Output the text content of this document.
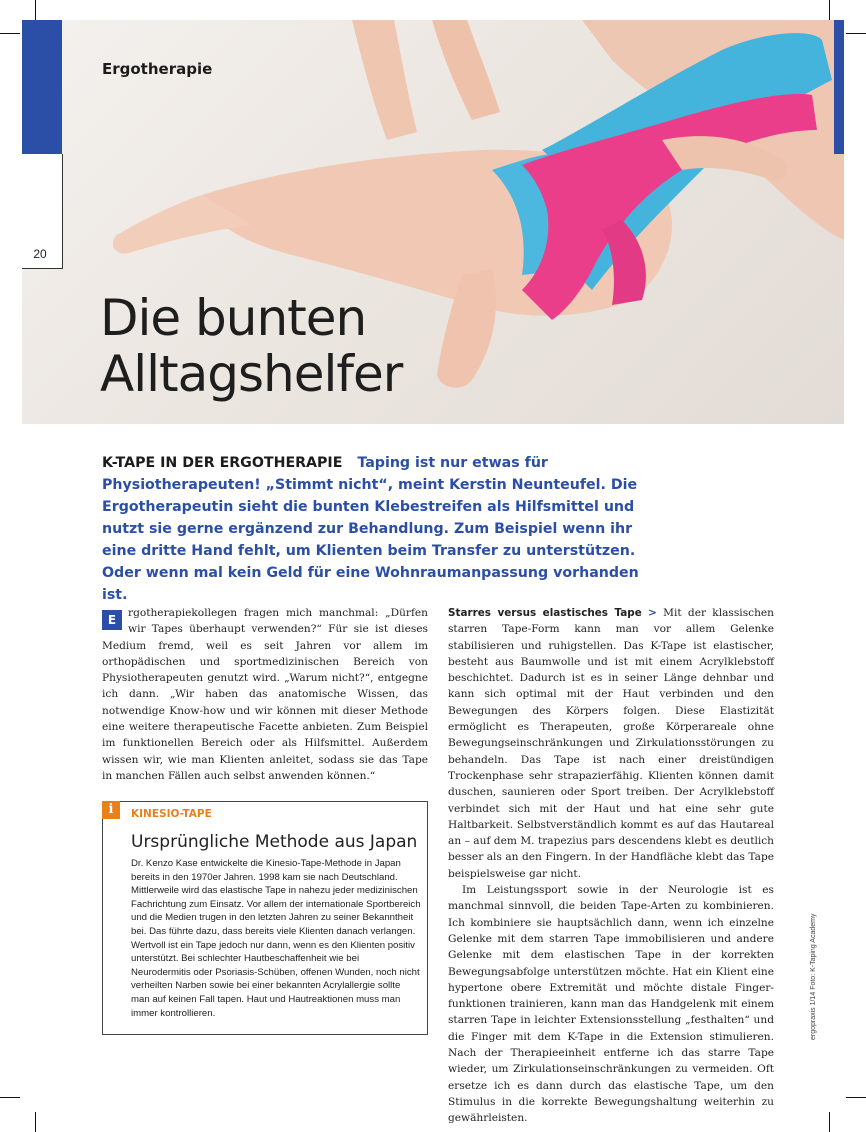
20
Ergotherapie
Die bunten
Alltagshelfer
K-TAPE IN DER ERGOTHERAPIE Taping ist nur etwas für Physiotherapeuten! „Stimmt nicht“, meint Kerstin Neunteufel. Die Ergotherapeutin sieht die bunten Klebestreifen als Hilfsmittel und nutzt sie gerne ergänzend zur Behandlung. Zum Beispiel wenn ihr eine dritte Hand fehlt, um Klienten beim Transfer zu unterstützen. Oder wenn mal kein Geld für eine Wohnraumanpassung vorhanden ist.
E	rgotherapiekollegen fragen mich manchmal: „Dürfen wir Tapes überhaupt verwenden?“ Für sie ist dieses Medium fremd, weil es seit Jahren vor allem im orthopädischen und sportmedizinischen Bereich von Physiotherapeuten genutzt wird. „Warum nicht?“, entgegne ich dann. „Wir haben das anatomische Wissen, das notwendige Know-how und wir können mit dieser Methode eine weitere therapeutische Facette anbieten. Zum Beispiel im funktionellen Bereich oder als Hilfsmittel. Außerdem wissen wir, wie man Klienten anleitet, sodass sie das Tape in manchen Fällen auch selbst anwenden können.“
i	KINESIO-TAPE
Ursprüngliche Methode aus Japan
Dr. Kenzo Kase entwickelte die Kinesio-Tape-Methode in Japan bereits in den 1970er Jahren. 1998 kam sie nach Deutschland. Mittlerweile wird das elastische Tape in nahezu jeder medizinischen Fachrichtung zum Einsatz. Vor allem der internationale Sportbereich und die Medien trugen in den letzten Jahren zu seiner Bekanntheit bei. Das führte dazu, dass bereits viele Klienten danach verlangen. Wertvoll ist ein Tape jedoch nur dann, wenn es den Klienten positiv unterstützt. Bei schlechter Hautbeschaffenheit wie bei Neurodermitis oder Psoriasis-Schüben, offenen Wunden, noch nicht verheilten Narben sowie bei einer bekannten Acrylallergie sollte man auf keinen Fall tapen. Haut und Hautreaktionen muss man immer kontrollieren.
Starres versus elastisches Tape > Mit der klassischen starren Tape-Form kann man vor allem Gelenke stabilisieren und ruhigstellen. Das K-Tape ist elastischer, besteht aus Baumwolle und ist mit einem Acrylklebstoff beschichtet. Dadurch ist es in seiner Länge dehnbar und kann sich optimal mit der Haut verbinden und den Bewegungen des Körpers folgen. Diese Elastizität ermöglicht es Therapeuten, große Körperareale ohne Bewegungseinschränkungen und Zirkulationsstörungen zu behandeln. Das Tape ist nach einer dreistündigen Trockenphase sehr strapazierfähig. Klienten können damit duschen, saunieren oder Sport treiben. Der Acrylklebstoff verbindet sich mit der Haut und hat eine sehr gute Haltbarkeit. Selbstverständlich kommt es auf das Hautareal an – auf dem M. trapezius pars descendens klebt es deutlich besser als an den Fingern. In der Handfläche klebt das Tape beispielsweise gar nicht.
Im Leistungssport sowie in der Neurologie ist es manchmal sinnvoll, die beiden Tape-Arten zu kombinieren. Ich kombiniere sie hauptsächlich dann, wenn ich einzelne Gelenke mit dem starren Tape immobilisieren und andere Gelenke mit dem elastischen Tape in der korrekten Bewegungsabfolge unterstützen möchte. Hat ein Klient eine hypertone obere Extremität und möchte distale Fingerfunktionen trainieren, kann man das Handgelenk mit einem starren Tape in leichter Extensionsstellung „festhalten“ und die Finger mit dem K-Tape in die Extension stimulieren. Nach der Therapieeinheit entferne ich das starre Tape wieder, um Zirkulationseinschränkungen zu vermeiden. Oft ersetze ich es dann durch das elastische Tape, um den Stimulus in die korrekte Bewegungshaltung weiterhin zu gewährleisten.
ergopraxis 1/14 Foto: K-Taping Academy
